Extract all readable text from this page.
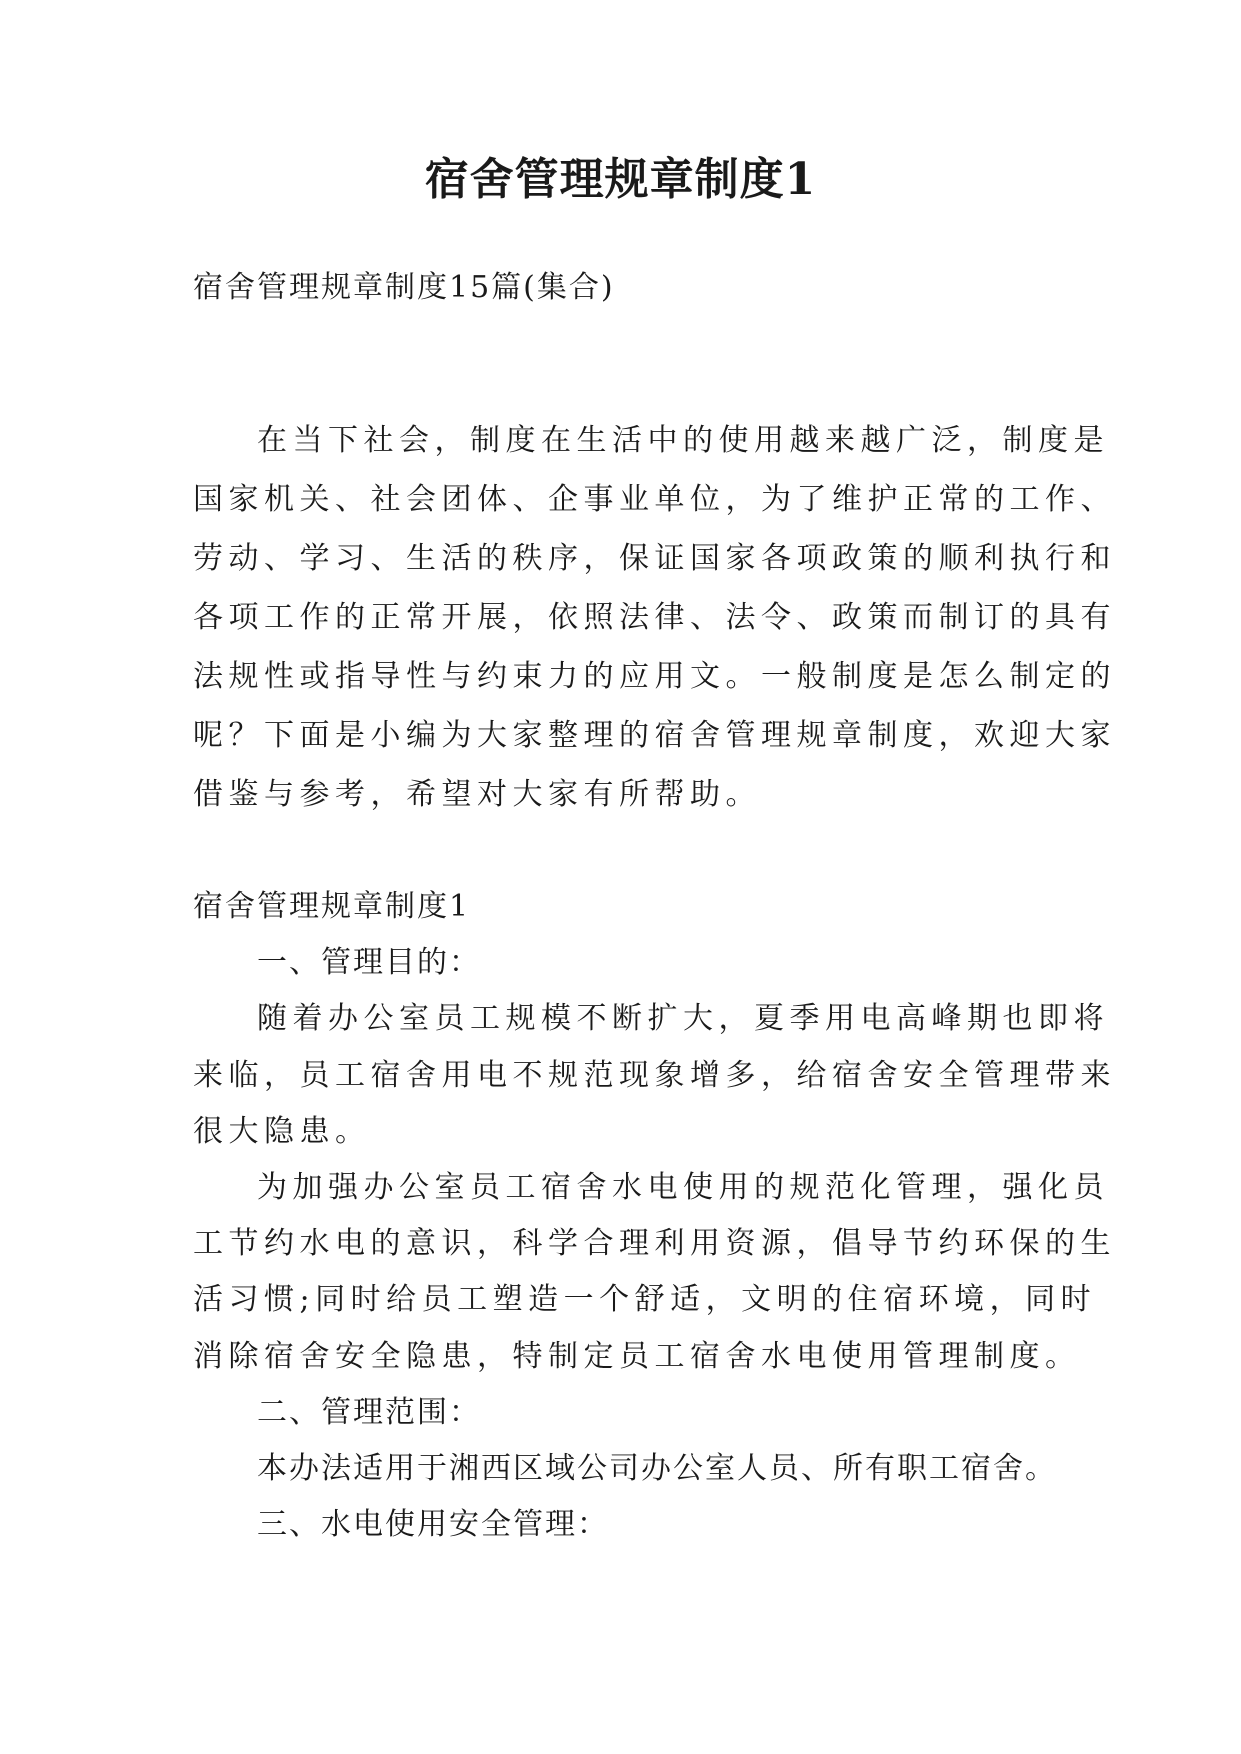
宿舍管理规章制度1

宿舍管理规章制度15篇(集合)

在当下社会，制度在生活中的使用越来越广泛，制度是

国家机关、社会团体、企事业单位，为了维护正常的工作、
劳动、学习、生活的秩序，保证国家各项政策的顺利执行和
各项工作的正常开展，依照法律、法令、政策而制订的具有
法规性或指导性与约束力的应用文。一般制度是怎么制定的
呢？下面是小编为大家整理的宿舍管理规章制度，欢迎大家
借鉴与参考，希望对大家有所帮助。

宿舍管理规章制度1

一、管理目的：

随着办公室员工规模不断扩大，夏季用电高峰期也即将

来临，员工宿舍用电不规范现象增多，给宿舍安全管理带来
很大隐患。

为加强办公室员工宿舍水电使用的规范化管理，强化员

工节约水电的意识，科学合理利用资源，倡导节约环保的生
活习惯;同时给员工塑造一个舒适，文明的住宿环境，同时
消除宿舍安全隐患，特制定员工宿舍水电使用管理制度。

二、管理范围：

本办法适用于湘西区域公司办公室人员、所有职工宿舍。

三、水电使用安全管理：
